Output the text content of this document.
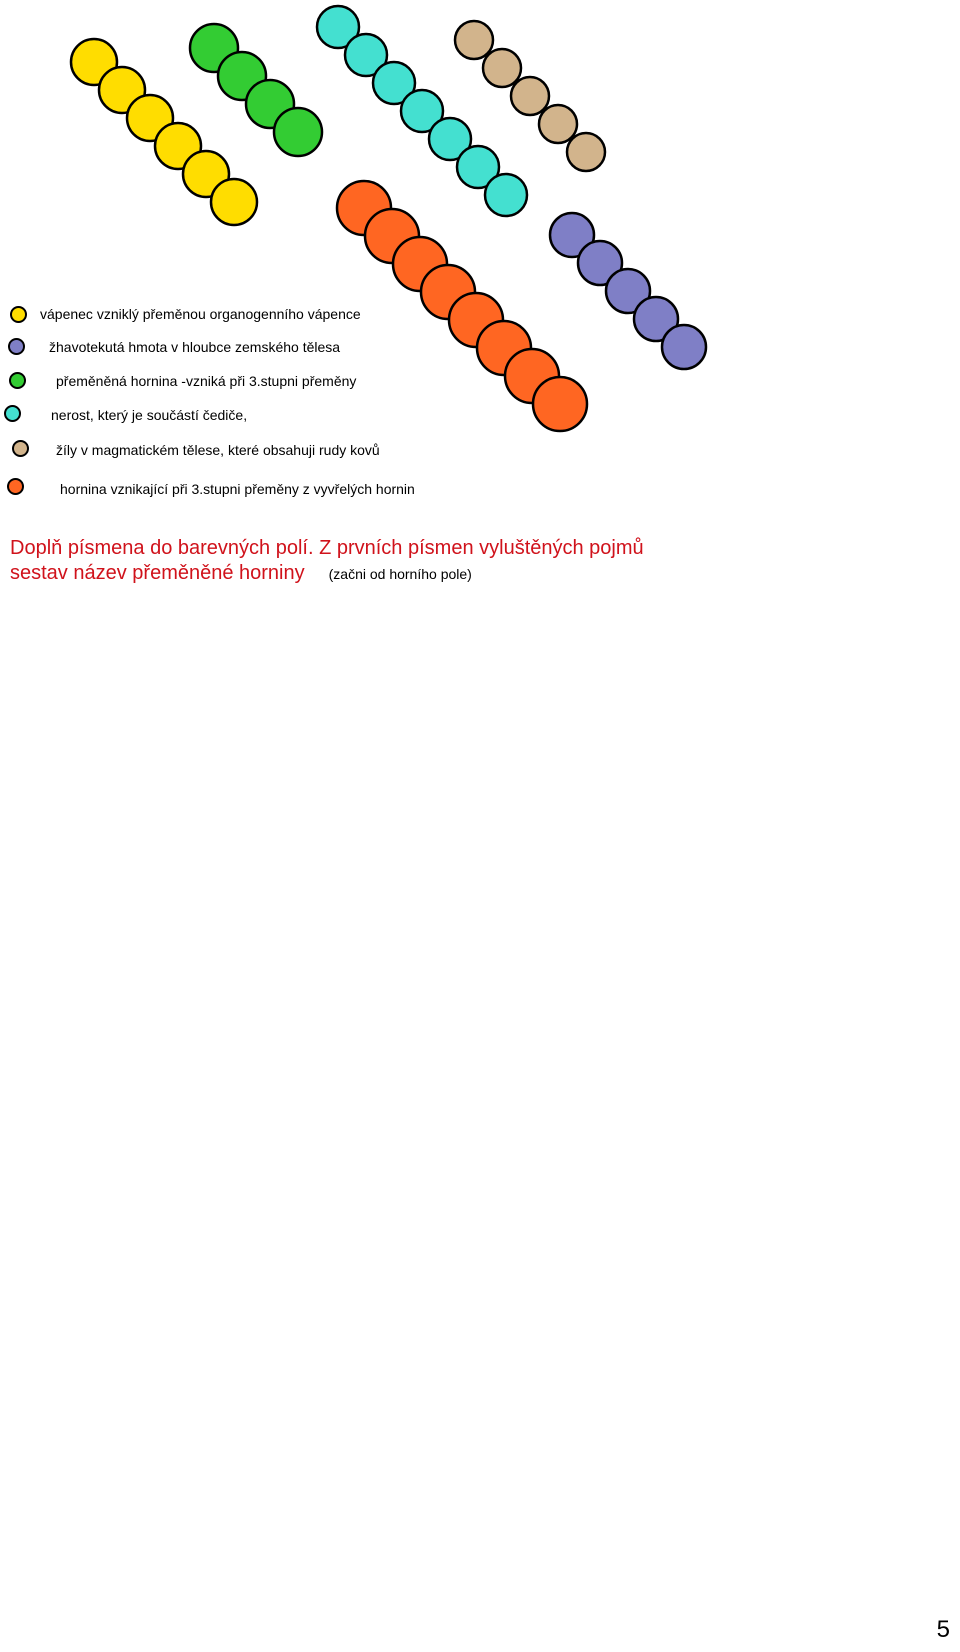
vápenec vzniklý přeměnou organogenního vápence
žhavotekutá hmota v hloubce zemského tělesa
přeměněná hornina -vzniká při 3.stupni přeměny
nerost, který je součástí čediče,
žíly v magmatickém tělese, které obsahuji rudy kovů
hornina vznikající při 3.stupni přeměny z vyvřelých hornin

Doplň písmena do barevných polí. Z prvních písmen vyluštěných pojmů sestav název přeměněné horniny (začni od horního pole)

5
